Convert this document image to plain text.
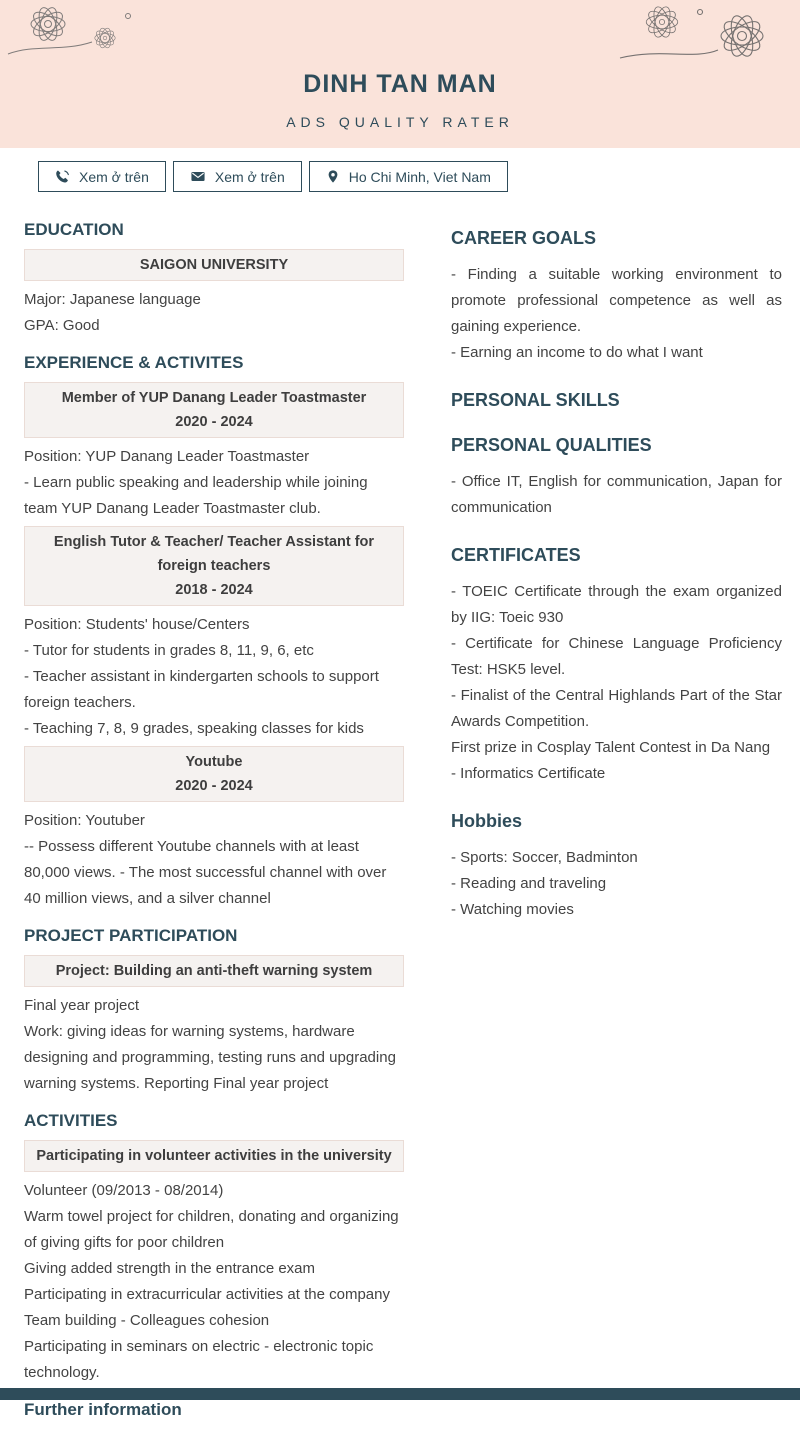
DINH TAN MAN
ADS QUALITY RATER
Xem ở trên	Xem ở trên	Ho Chi Minh, Viet Nam
EDUCATION
SAIGON UNIVERSITY

Major: Japanese language

GPA: Good

EXPERIENCE & ACTIVITES
Member of YUP Danang Leader Toastmaster
2020 - 2024

Position: YUP Danang Leader Toastmaster

- Learn public speaking and leadership while joining team YUP Danang Leader Toastmaster club.

English Tutor & Teacher/ Teacher Assistant for foreign teachers
2018 - 2024

Position: Students' house/Centers

- Tutor for students in grades 8, 11, 9, 6, etc

- Teacher assistant in kindergarten schools to support foreign teachers.

- Teaching 7, 8, 9 grades, speaking classes for kids

Youtube
2020 - 2024

Position: Youtuber

-- Possess different Youtube channels with at least 80,000 views. - The most successful channel with over 40 million views, and a silver channel

PROJECT PARTICIPATION
Project: Building an anti-theft warning system

Final year project

Work: giving ideas for warning systems, hardware designing and programming, testing runs and upgrading warning systems. Reporting Final year project

ACTIVITIES
Participating in volunteer activities in the university

Volunteer (09/2013 - 08/2014)

Warm towel project for children, donating and organizing of giving gifts for poor children

Giving added strength in the entrance exam

Participating in extracurricular activities at the company

Team building - Colleagues cohesion

Participating in seminars on electric - electronic topic technology.

Further information
CAREER GOALS

- Finding a suitable working environment to promote professional competence as well as gaining experience.

- Earning an income to do what I want

PERSONAL SKILLS
PERSONAL QUALITIES

- Office IT, English for communication, Japan for communication

CERTIFICATES

- TOEIC Certificate through the exam organized by IIG: Toeic 930

- Certificate for Chinese Language Proficiency Test: HSK5 level.

- Finalist of the Central Highlands Part of the Star Awards Competition.

First prize in Cosplay Talent Contest in Da Nang

- Informatics Certificate

Hobbies

- Sports: Soccer, Badminton

- Reading and traveling

- Watching movies
